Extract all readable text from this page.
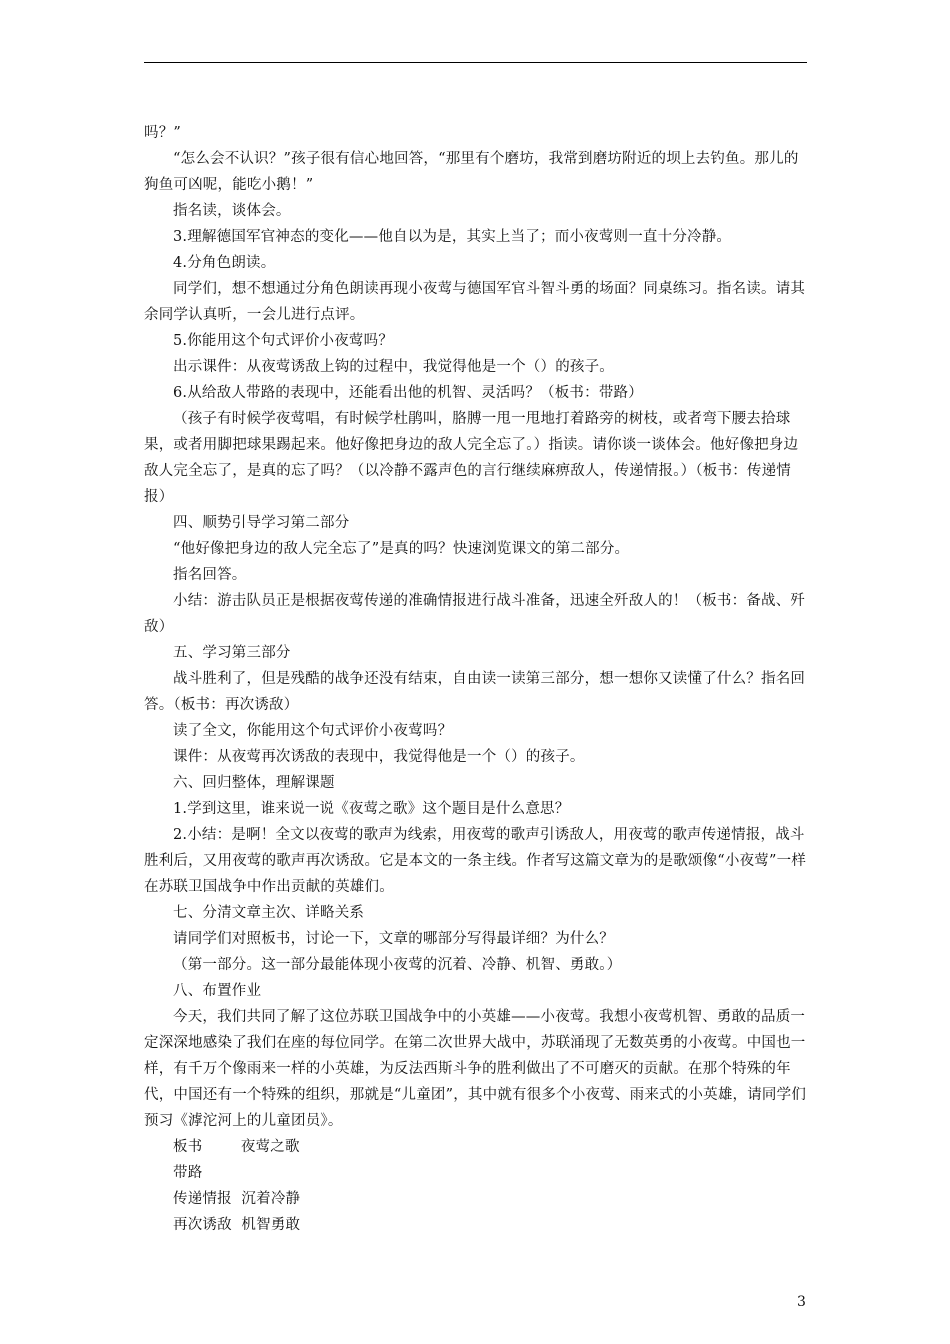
吗？”

“怎么会不认识？”孩子很有信心地回答，“那里有个磨坊，我常到磨坊附近的坝上去钓鱼。那儿的狗鱼可凶呢，能吃小鹅！”

指名读，谈体会。

3.理解德国军官神态的变化——他自以为是，其实上当了；而小夜莺则一直十分冷静。

4.分角色朗读。

同学们，想不想通过分角色朗读再现小夜莺与德国军官斗智斗勇的场面？同桌练习。指名读。请其余同学认真听，一会儿进行点评。

5.你能用这个句式评价小夜莺吗？

出示课件：从夜莺诱敌上钩的过程中，我觉得他是一个（）的孩子。

6.从给敌人带路的表现中，还能看出他的机智、灵活吗？（板书：带路）

（孩子有时候学夜莺唱，有时候学杜鹃叫，胳膊一甩一甩地打着路旁的树枝，或者弯下腰去拾球果，或者用脚把球果踢起来。他好像把身边的敌人完全忘了。）指读。请你谈一谈体会。他好像把身边敌人完全忘了，是真的忘了吗？（以冷静不露声色的言行继续麻痹敌人，传递情报。）（板书：传递情报）

四、顺势引导学习第二部分

“他好像把身边的敌人完全忘了”是真的吗？快速浏览课文的第二部分。

指名回答。

小结：游击队员正是根据夜莺传递的准确情报进行战斗准备，迅速全歼敌人的！（板书：备战、歼敌）

五、学习第三部分

战斗胜利了，但是残酷的战争还没有结束，自由读一读第三部分，想一想你又读懂了什么？指名回答。（板书：再次诱敌）

读了全文，你能用这个句式评价小夜莺吗？

课件：从夜莺再次诱敌的表现中，我觉得他是一个（）的孩子。

六、回归整体，理解课题

1.学到这里，谁来说一说《夜莺之歌》这个题目是什么意思？

2.小结：是啊！全文以夜莺的歌声为线索，用夜莺的歌声引诱敌人，用夜莺的歌声传递情报，战斗胜利后，又用夜莺的歌声再次诱敌。它是本文的一条主线。作者写这篇文章为的是歌颂像“小夜莺”一样在苏联卫国战争中作出贡献的英雄们。

七、分清文章主次、详略关系

请同学们对照板书，讨论一下，文章的哪部分写得最详细？为什么？

（第一部分。这一部分最能体现小夜莺的沉着、冷静、机智、勇敢。）

八、布置作业

今天，我们共同了解了这位苏联卫国战争中的小英雄——小夜莺。我想小夜莺机智、勇敢的品质一定深深地感染了我们在座的每位同学。在第二次世界大战中，苏联涌现了无数英勇的小夜莺。中国也一样，有千万个像雨来一样的小英雄，为反法西斯斗争的胜利做出了不可磨灭的贡献。在那个特殊的年代，中国还有一个特殊的组织，那就是“儿童团”，其中就有很多个小夜莺、雨来式的小英雄，请同学们预习《滹沱河上的儿童团员》。

板书	夜莺之歌

带路

传递情报  沉着冷静

再次诱敌  机智勇敢

3
